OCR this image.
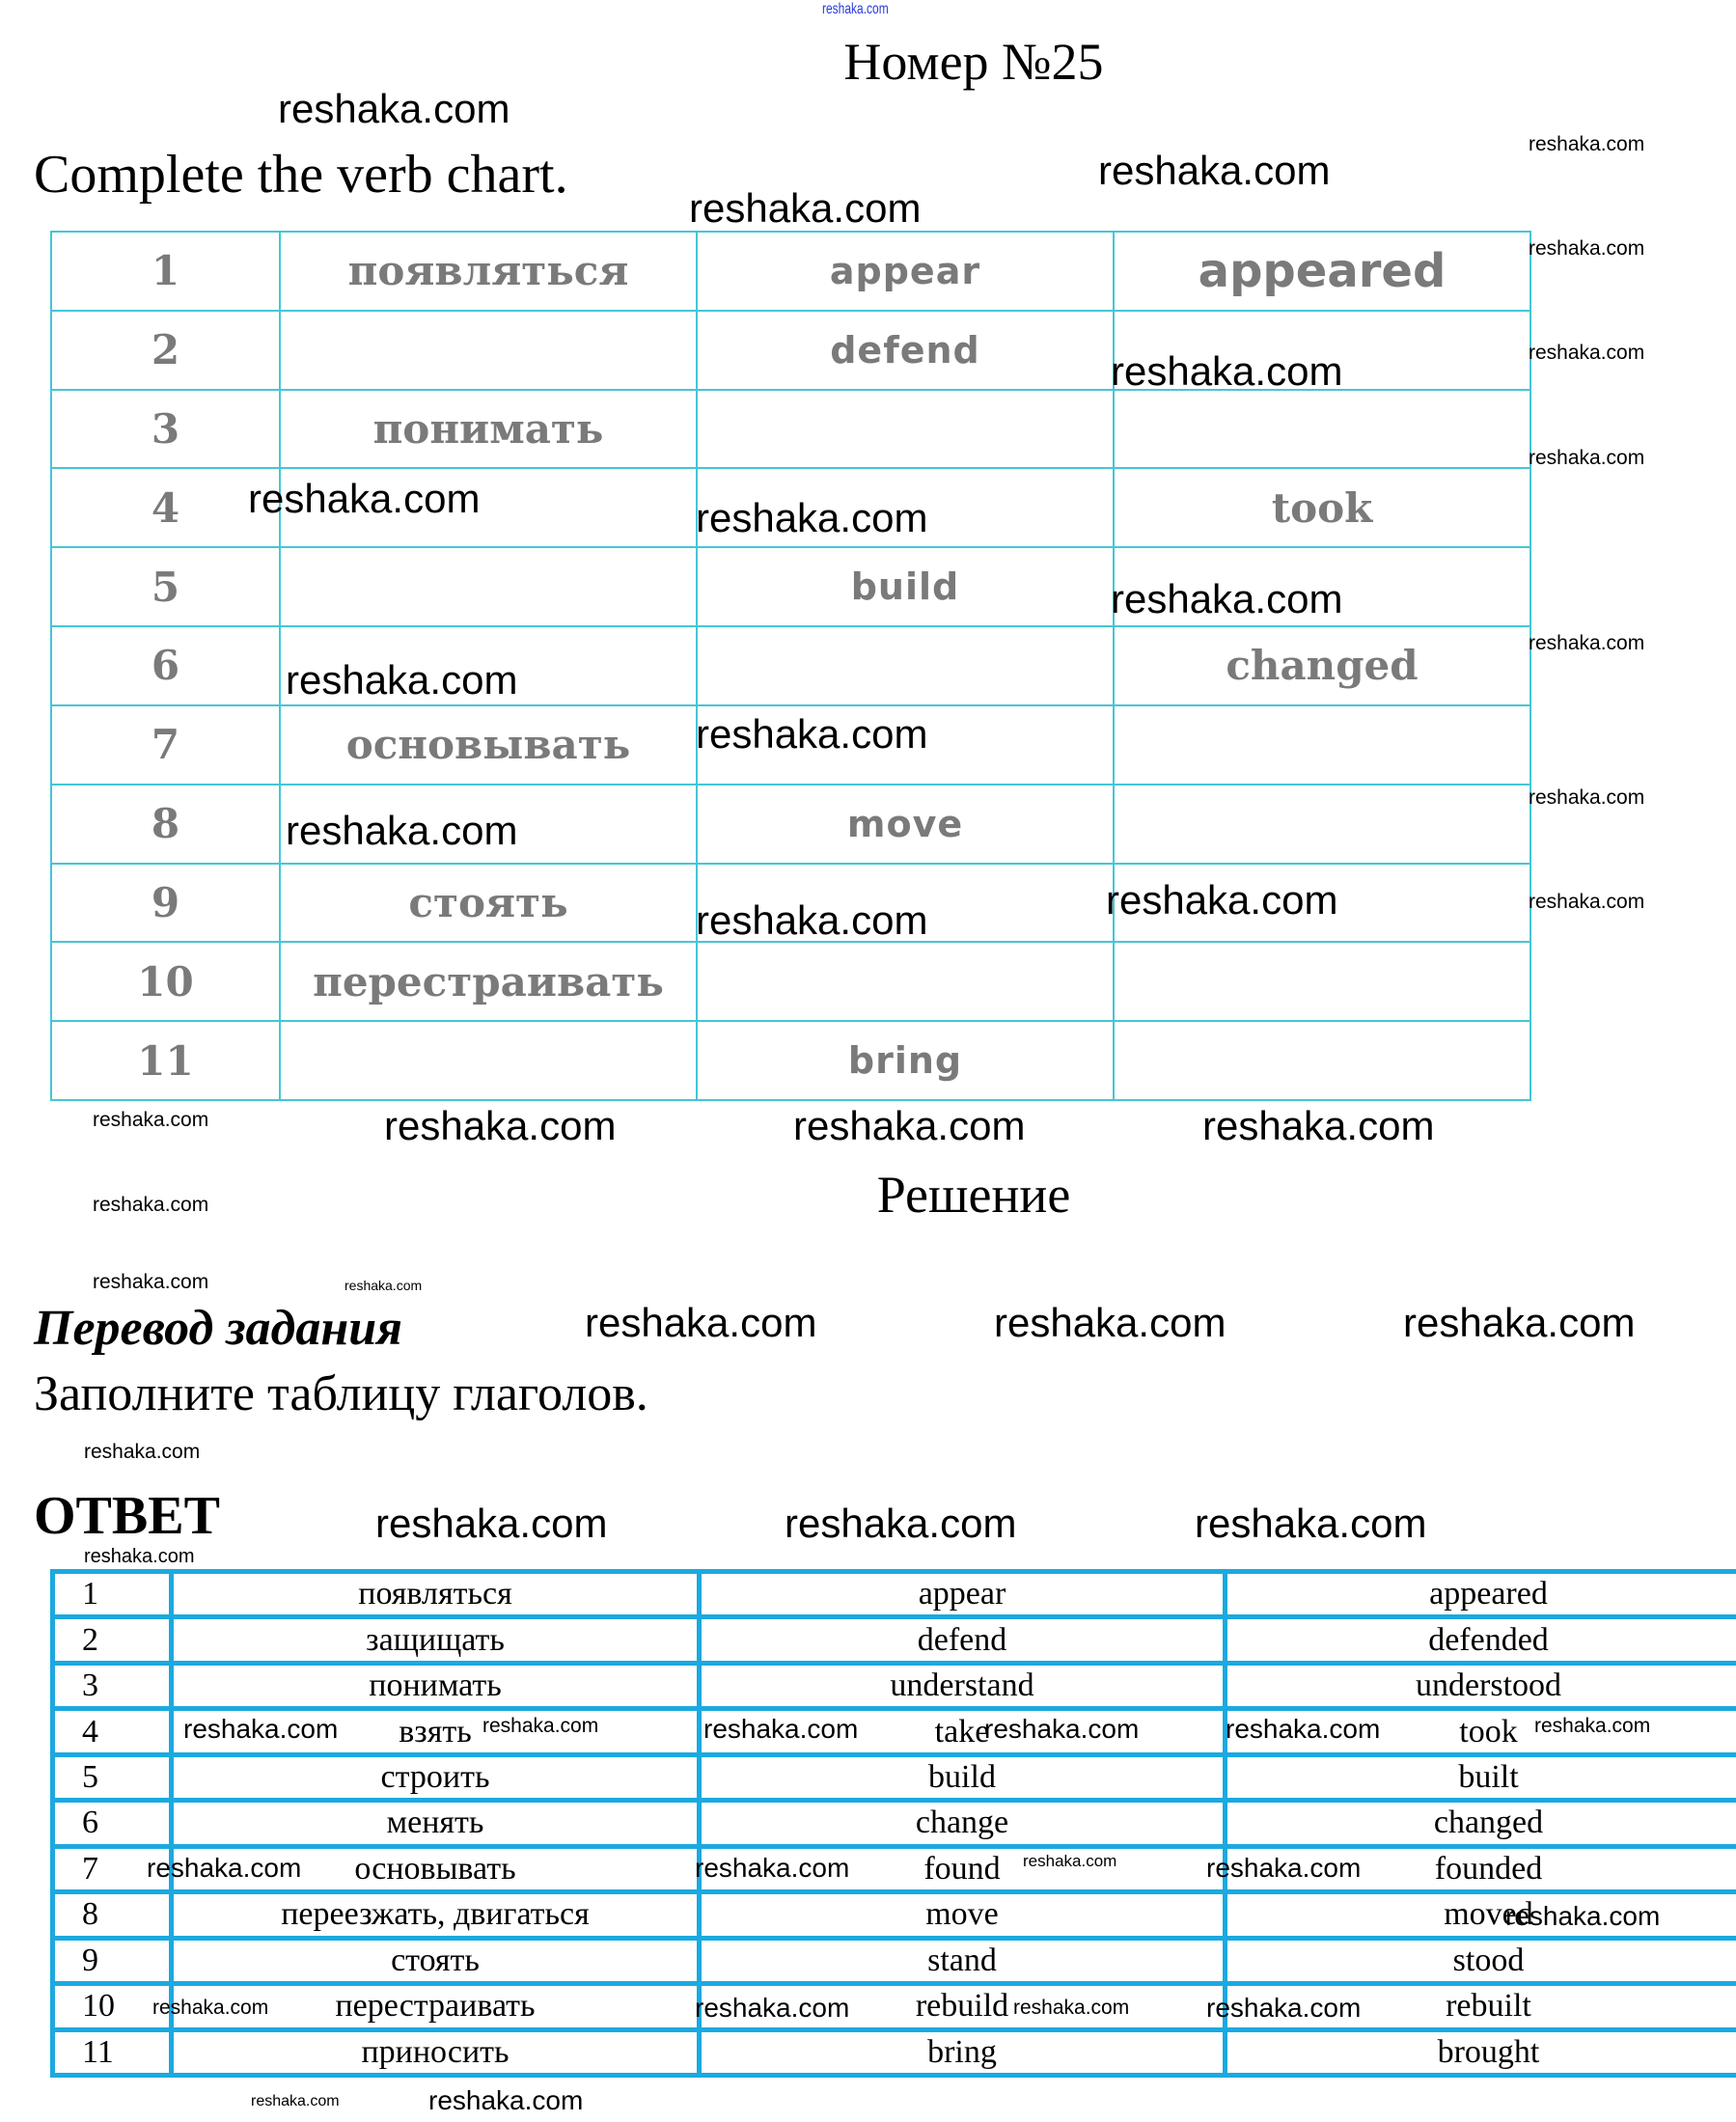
reshaka.com
Номер №25
Complete the verb chart.
1	появляться	appear	appeared
2		defend	
3	понимать		
4			took
5		build	
6			changed
7	основывать		
8		move	
9	стоять		
10	перестраивать		
11		bring	
Решение
Перевод задания
Заполните таблицу глаголов.
ОТВЕТ
1	появляться	appear	appeared
2	защищать	defend	defended
3	понимать	understand	understood
4	взять	take	took
5	строить	build	built
6	менять	change	changed
7	основывать	found	founded
8	переезжать, двигаться	move	moved
9	стоять	stand	stood
10	перестраивать	rebuild	rebuilt
11	приносить	bring	brought
reshaka.com
reshaka.com
reshaka.com
reshaka.com
reshaka.com	reshaka.com
reshaka.com
reshaka.com
reshaka.com
reshaka.com
reshaka.com
reshaka.com
reshaka.com	reshaka.com	reshaka.com
reshaka.com	reshaka.com	reshaka.com
reshaka.com	reshaka.com	reshaka.com
reshaka.com
reshaka.com
reshaka.com
reshaka.com
reshaka.com
reshaka.com
reshaka.com
reshaka.com
reshaka.com
reshaka.com
reshaka.com
reshaka.com
reshaka.com
reshaka.com	reshaka.com	reshaka.com	reshaka.com
reshaka.com	reshaka.com	reshaka.com
reshaka.com
reshaka.com
reshaka.com	reshaka.com
reshaka.com	reshaka.com
reshaka.com
reshaka.com	reshaka.com
reshaka.com
